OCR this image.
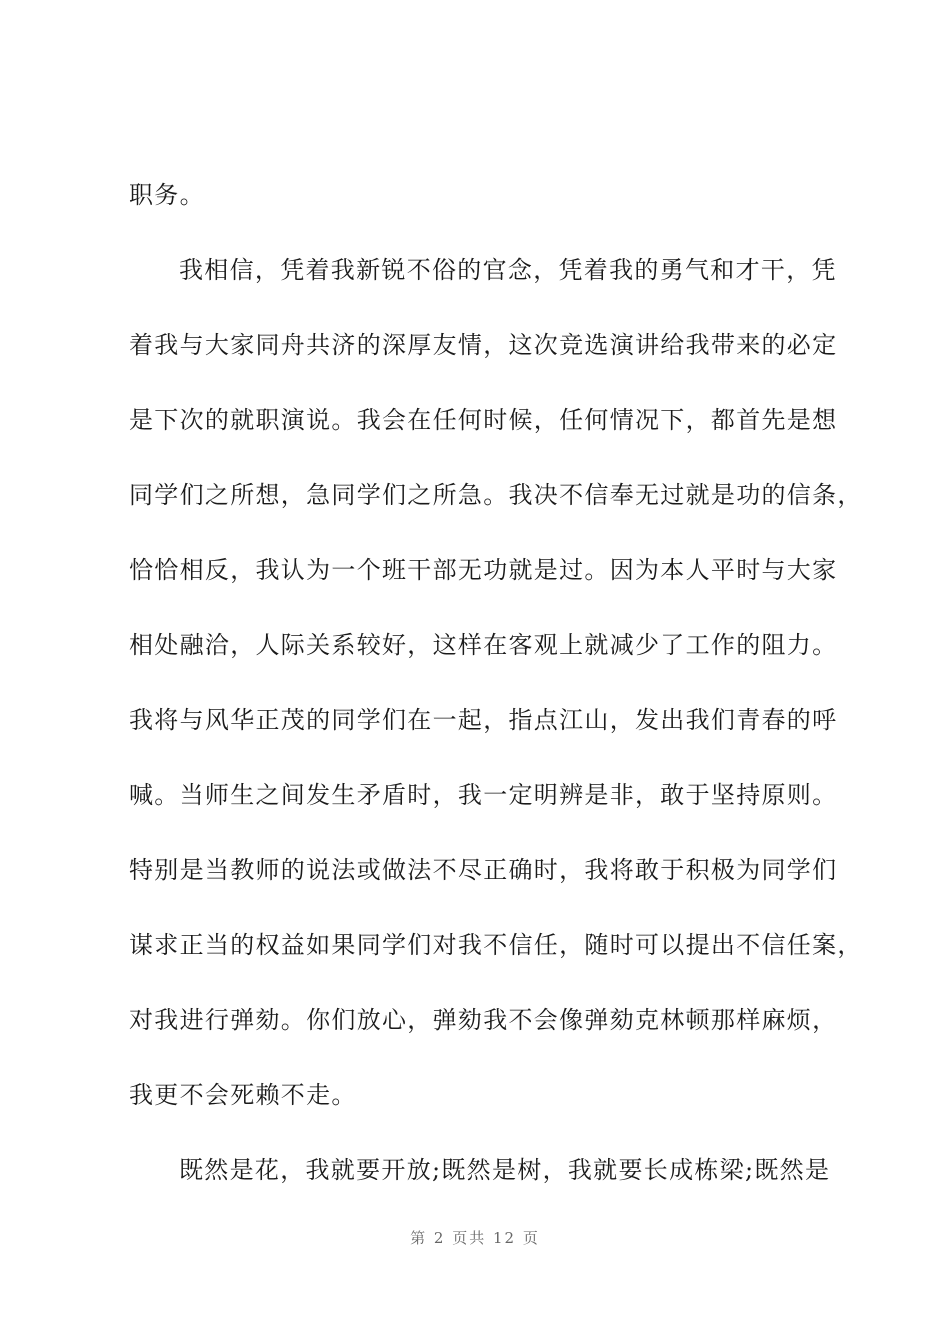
职务。
我相信，凭着我新锐不俗的官念，凭着我的勇气和才干，凭
着我与大家同舟共济的深厚友情，这次竞选演讲给我带来的必定
是下次的就职演说。我会在任何时候，任何情况下，都首先是想
同学们之所想，急同学们之所急。我决不信奉无过就是功的信条，
恰恰相反，我认为一个班干部无功就是过。因为本人平时与大家
相处融洽，人际关系较好，这样在客观上就减少了工作的阻力。
我将与风华正茂的同学们在一起，指点江山，发出我们青春的呼
喊。当师生之间发生矛盾时，我一定明辨是非，敢于坚持原则。
特别是当教师的说法或做法不尽正确时，我将敢于积极为同学们
谋求正当的权益如果同学们对我不信任，随时可以提出不信任案，
对我进行弹劾。你们放心，弹劾我不会像弹劾克林顿那样麻烦，
我更不会死赖不走。
既然是花，我就要开放;既然是树，我就要长成栋梁;既然是
第 2 页共 12 页
